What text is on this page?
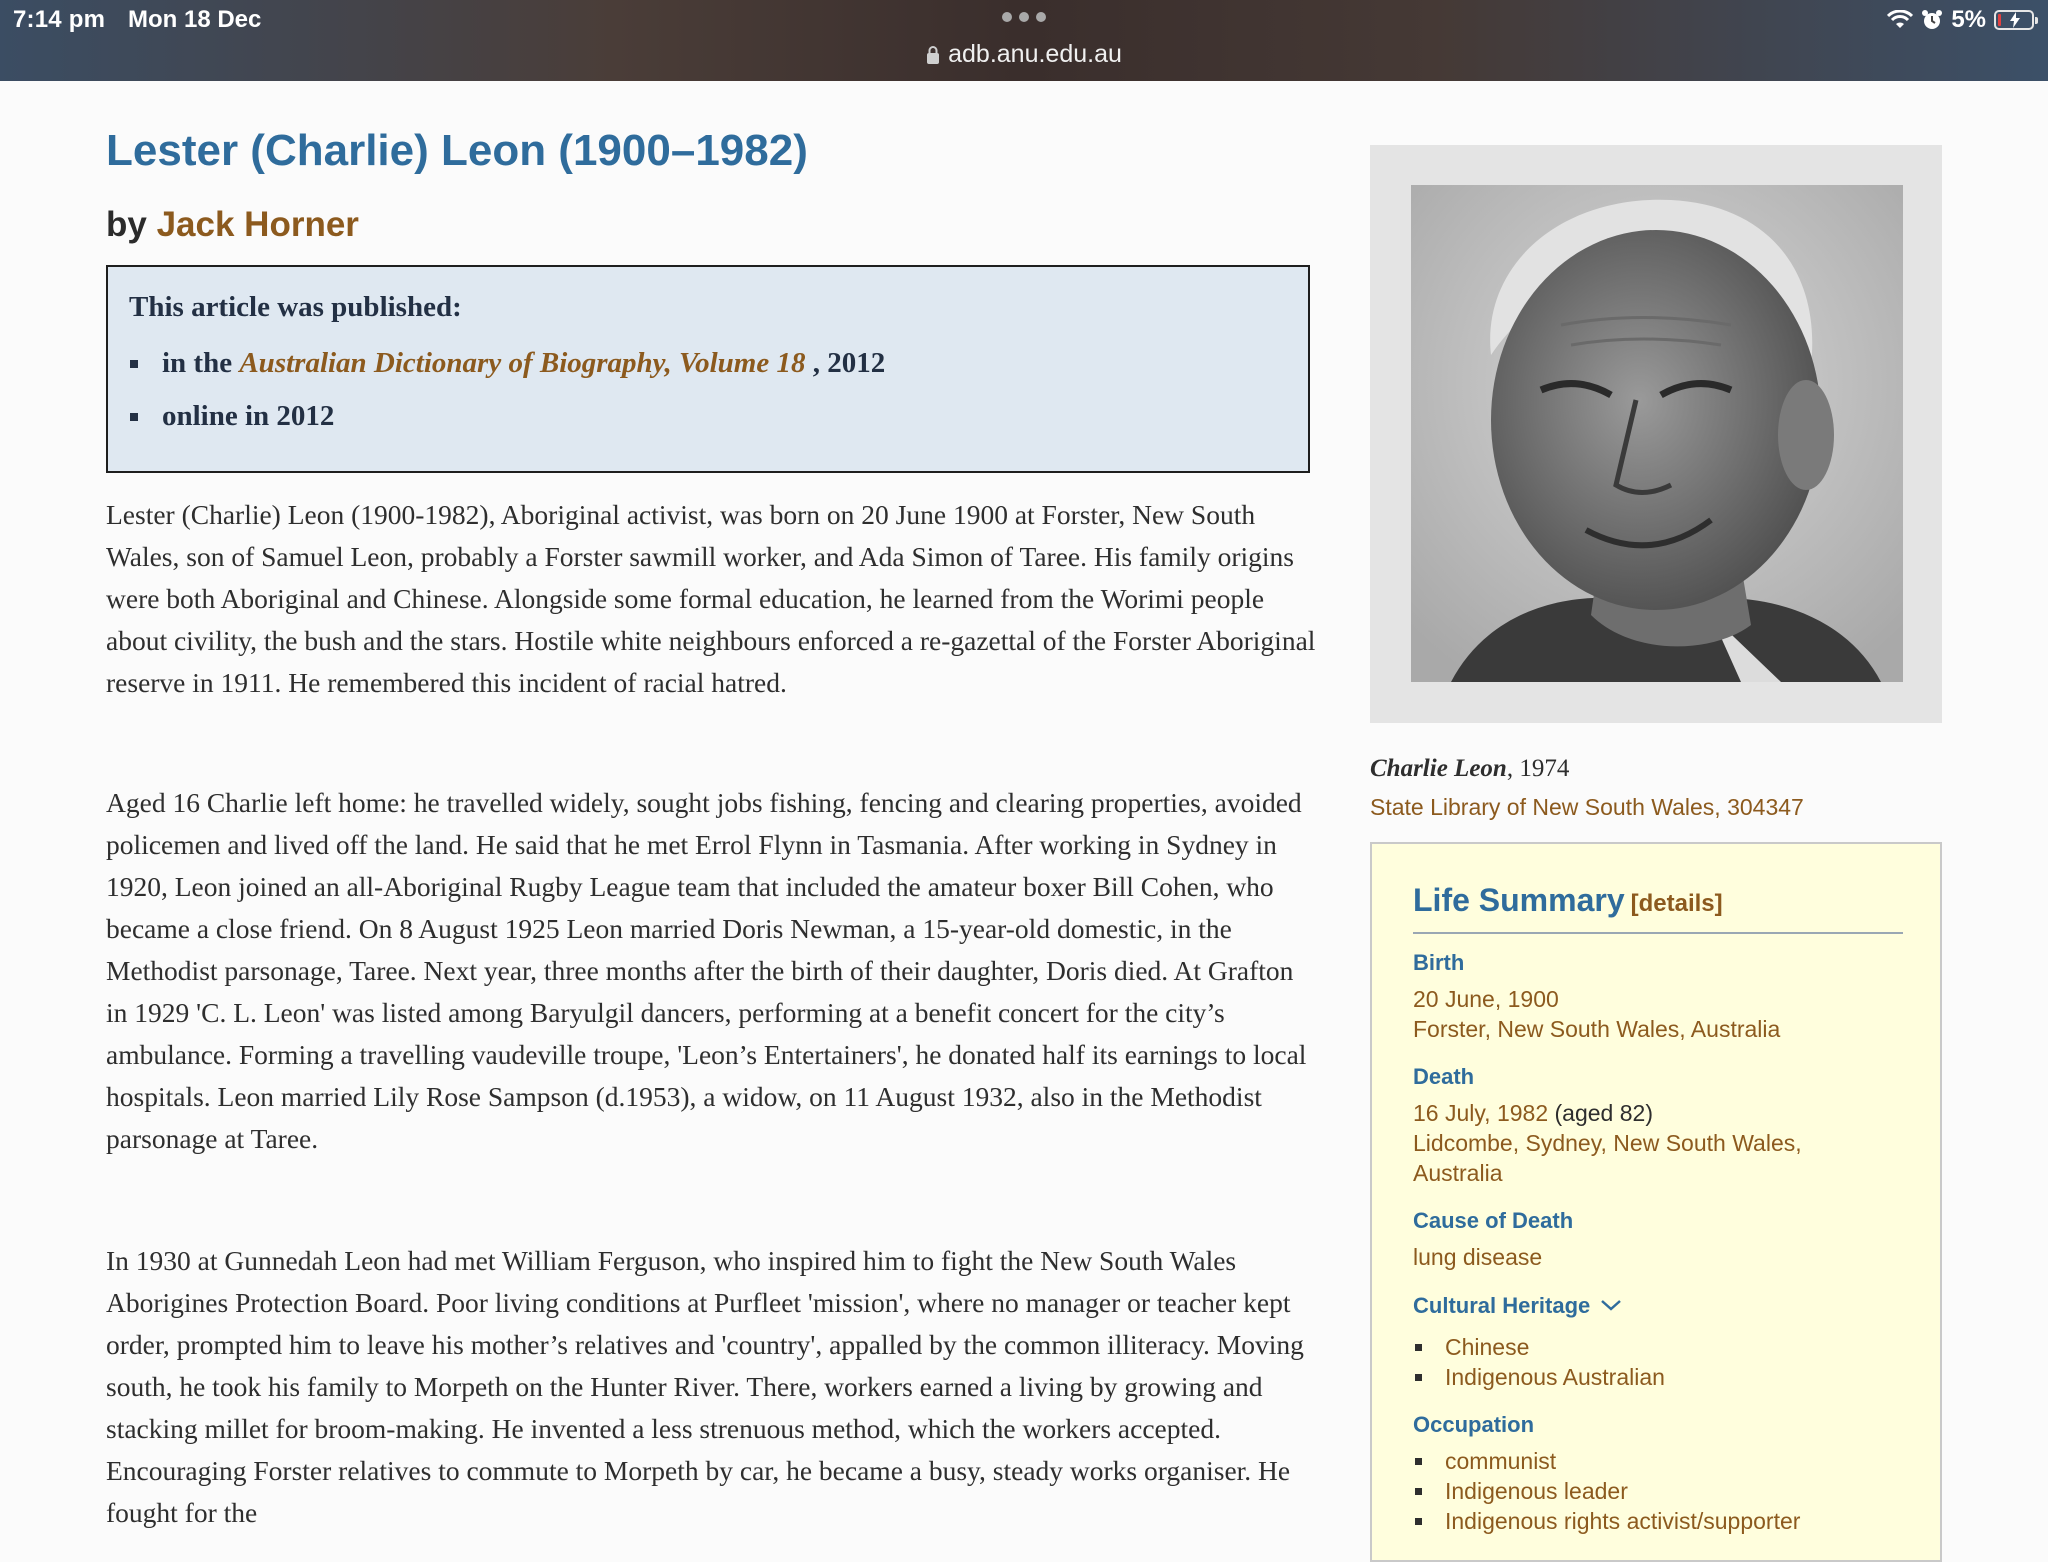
7:14 pm Mon 18 Dec
adb.anu.edu.au
5%
Lester (Charlie) Leon (1900–1982)
by Jack Horner
This article was published:
in the Australian Dictionary of Biography, Volume 18 , 2012
online in 2012

Lester (Charlie) Leon (1900-1982), Aboriginal activist, was born on 20 June 1900 at Forster, New South Wales, son of Samuel Leon, probably a Forster sawmill worker, and Ada Simon of Taree. His family origins were both Aboriginal and Chinese. Alongside some formal education, he learned from the Worimi people about civility, the bush and the stars. Hostile white neighbours enforced a re-gazettal of the Forster Aboriginal reserve in 1911. He remembered this incident of racial hatred.

Aged 16 Charlie left home: he travelled widely, sought jobs fishing, fencing and clearing properties, avoided policemen and lived off the land. He said that he met Errol Flynn in Tasmania. After working in Sydney in 1920, Leon joined an all-Aboriginal Rugby League team that included the amateur boxer Bill Cohen, who became a close friend. On 8 August 1925 Leon married Doris Newman, a 15-year-old domestic, in the Methodist parsonage, Taree. Next year, three months after the birth of their daughter, Doris died. At Grafton in 1929 'C. L. Leon' was listed among Baryulgil dancers, performing at a benefit concert for the city’s ambulance. Forming a travelling vaudeville troupe, 'Leon’s Entertainers', he donated half its earnings to local hospitals. Leon married Lily Rose Sampson (d.1953), a widow, on 11 August 1932, also in the Methodist parsonage at Taree.

In 1930 at Gunnedah Leon had met William Ferguson, who inspired him to fight the New South Wales Aborigines Protection Board. Poor living conditions at Purfleet 'mission', where no manager or teacher kept order, prompted him to leave his mother’s relatives and 'country', appalled by the common illiteracy. Moving south, he took his family to Morpeth on the Hunter River. There, workers earned a living by growing and stacking millet for broom-making. He invented a less strenuous method, which the workers accepted. Encouraging Forster relatives to commute to Morpeth by car, he became a busy, steady works organiser. He fought for the

Charlie Leon, 1974
State Library of New South Wales, 304347
Life Summary [details]
Birth
20 June, 1900
Forster, New South Wales, Australia
Death
16 July, 1982 (aged 82)
Lidcombe, Sydney, New South Wales,
Australia
Cause of Death
lung disease
Cultural Heritage
Chinese
Indigenous Australian
Occupation
communist
Indigenous leader
Indigenous rights activist/supporter
